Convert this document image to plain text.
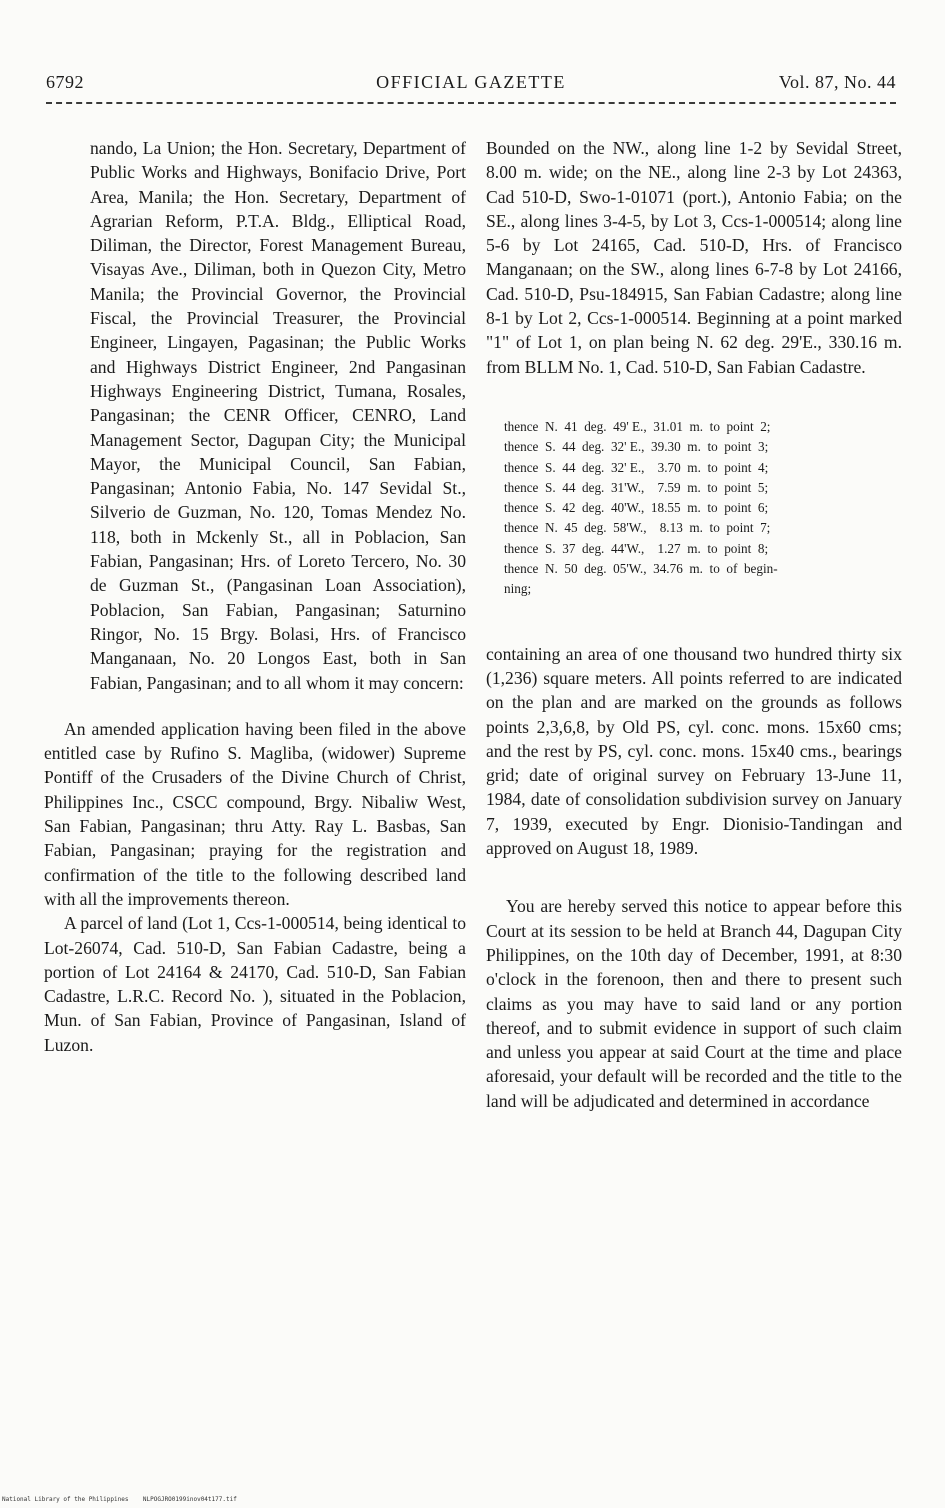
6792	OFFICIAL GAZETTE	Vol. 87, No. 44

nando, La Union; the Hon. Secretary, Department of Public Works and Highways, Bonifacio Drive, Port Area, Manila; the Hon. Secretary, Department of Agrarian Reform, P.T.A. Bldg., Elliptical Road, Diliman, the Director, Forest Management Bureau, Visayas Ave., Diliman, both in Quezon City, Metro Manila; the Provincial Governor, the Provincial Fiscal, the Provincial Treasurer, the Provincial Engineer, Lingayen, Pagasinan; the Public Works and Highways District Engineer, 2nd Pangasinan Highways Engineering District, Tumana, Rosales, Pangasinan; the CENR Officer, CENRO, Land Management Sector, Dagupan City; the Municipal Mayor, the Municipal Council, San Fabian, Pangasinan; Antonio Fabia, No. 147 Sevidal St., Silverio de Guzman, No. 120, Tomas Mendez No. 118, both in Mckenly St., all in Poblacion, San Fabian, Pangasinan; Hrs. of Loreto Tercero, No. 30 de Guzman St., (Pangasinan Loan Association), Poblacion, San Fabian, Pangasinan; Saturnino Ringor, No. 15 Brgy. Bolasi, Hrs. of Francisco Manganaan, No. 20 Longos East, both in San Fabian, Pangasinan; and to all whom it may concern:

An amended application having been filed in the above entitled case by Rufino S. Magliba, (widower) Supreme Pontiff of the Crusaders of the Divine Church of Christ, Philippines Inc., CSCC compound, Brgy. Nibaliw West, San Fabian, Pangasinan; thru Atty. Ray L. Basbas, San Fabian, Pangasinan; praying for the registration and confirmation of the title to the following described land with all the improvements thereon.

A parcel of land (Lot 1, Ccs-1-000514, being identical to Lot-26074, Cad. 510-D, San Fabian Cadastre, being a portion of Lot 24164 & 24170, Cad. 510-D, San Fabian Cadastre, L.R.C. Record No. ), situated in the Poblacion, Mun. of San Fabian, Province of Pangasinan, Island of Luzon.

Bounded on the NW., along line 1-2 by Sevidal Street, 8.00 m. wide; on the NE., along line 2-3 by Lot 24363, Cad 510-D, Swo-1-01071 (port.), Antonio Fabia; on the SE., along lines 3-4-5, by Lot 3, Ccs-1-000514; along line 5-6 by Lot 24165, Cad. 510-D, Hrs. of Francisco Manganaan; on the SW., along lines 6-7-8 by Lot 24166, Cad. 510-D, Psu-184915, San Fabian Cadastre; along line 8-1 by Lot 2, Ccs-1-000514. Beginning at a point marked "1" of Lot 1, on plan being N. 62 deg. 29'E., 330.16 m. from BLLM No. 1, Cad. 510-D, San Fabian Cadastre.

thence  N.  41  deg.  49' E.,  31.01  m.  to  point  2;
thence  S.  44  deg.  32' E.,  39.30  m.  to  point  3;
thence  S.  44  deg.  32' E.,    3.70  m.  to  point  4;
thence  S.  44  deg.  31'W.,    7.59  m.  to  point  5;
thence  S.  42  deg.  40'W.,  18.55  m.  to  point  6;
thence  N.  45  deg.  58'W.,    8.13  m.  to  point  7;
thence  S.  37  deg.  44'W.,    1.27  m.  to  point  8;
thence  N.  50  deg.  05'W.,  34.76  m.  to  of  begin-
ning;

containing an area of one thousand two hundred thirty six (1,236) square meters. All points referred to are indicated on the plan and are marked on the grounds as follows points 2,3,6,8, by Old PS, cyl. conc. mons. 15x60 cms; and the rest by PS, cyl. conc. mons. 15x40 cms., bearings grid; date of original survey on February 13-June 11, 1984, date of consolidation subdivision survey on January 7, 1939, executed by Engr. Dionisio-Tandingan and approved on August 18, 1989.

You are hereby served this notice to appear before this Court at its session to be held at Branch 44, Dagupan City Philippines, on the 10th day of December, 1991, at 8:30 o'clock in the forenoon, then and there to present such claims as you may have to said land or any portion thereof, and to submit evidence in support of such claim and unless you appear at said Court at the time and place aforesaid, your default will be recorded and the title to the land will be adjudicated and determined in accordance

National Library of the Philippines NLPOGJRO0199inov04t177.tif
